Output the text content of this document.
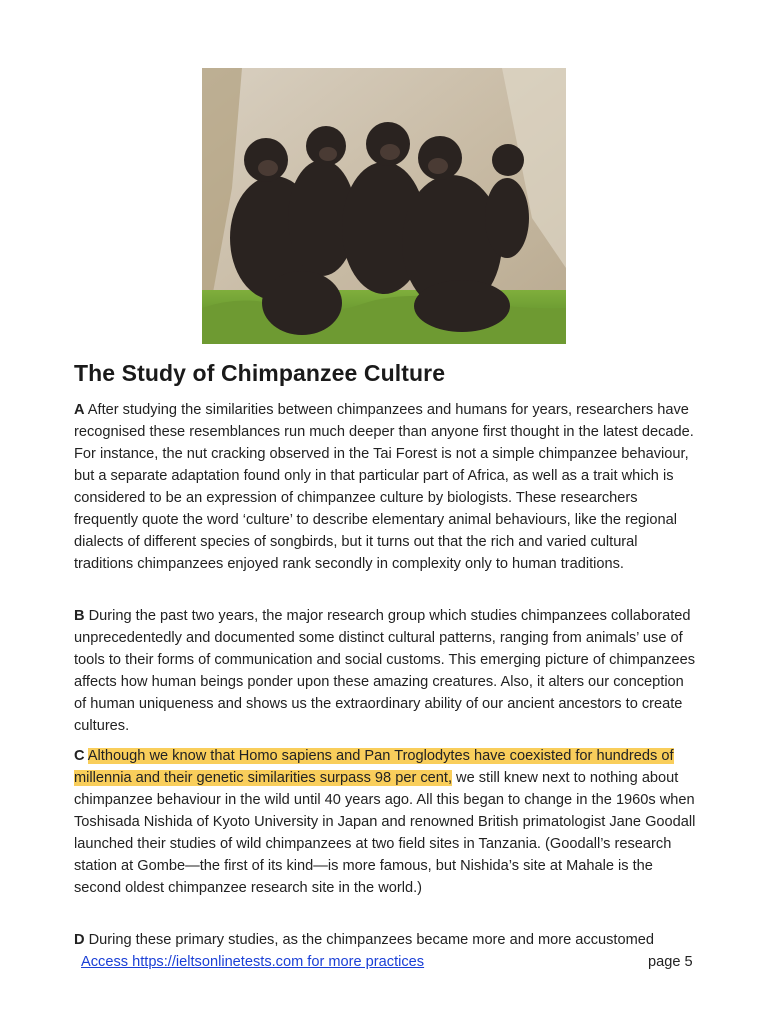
The Study of Chimpanzee Culture

A After studying the similarities between chimpanzees and humans for years, researchers have recognised these resemblances run much deeper than anyone first thought in the latest decade. For instance, the nut cracking observed in the Tai Forest is not a simple chimpanzee behaviour, but a separate adaptation found only in that particular part of Africa, as well as a trait which is considered to be an expression of chimpanzee culture by biologists. These researchers frequently quote the word ‘culture’ to describe elementary animal behaviours, like the regional dialects of different species of songbirds, but it turns out that the rich and varied cultural traditions chimpanzees enjoyed rank secondly in complexity only to human traditions.

B During the past two years, the major research group which studies chimpanzees collaborated unprecedentedly and documented some distinct cultural patterns, ranging from animals’ use of tools to their forms of communication and social customs. This emerging picture of chimpanzees affects how human beings ponder upon these amazing creatures. Also, it alters our conception of human uniqueness and shows us the extraordinary ability of our ancient ancestors to create cultures.

C Although we know that Homo sapiens and Pan Troglodytes have coexisted for hundreds of millennia and their genetic similarities surpass 98 per cent, we still knew next to nothing about chimpanzee behaviour in the wild until 40 years ago. All this began to change in the 1960s when Toshisada Nishida of Kyoto University in Japan and renowned British primatologist Jane Goodall launched their studies of wild chimpanzees at two field sites in Tanzania. (Goodall’s research station at Gombe—the first of its kind—is more famous, but Nishida’s site at Mahale is the second oldest chimpanzee research site in the world.)

D During these primary studies, as the chimpanzees became more and more accustomed

Access https://ieltsonlinetests.com for more practices	page 5
